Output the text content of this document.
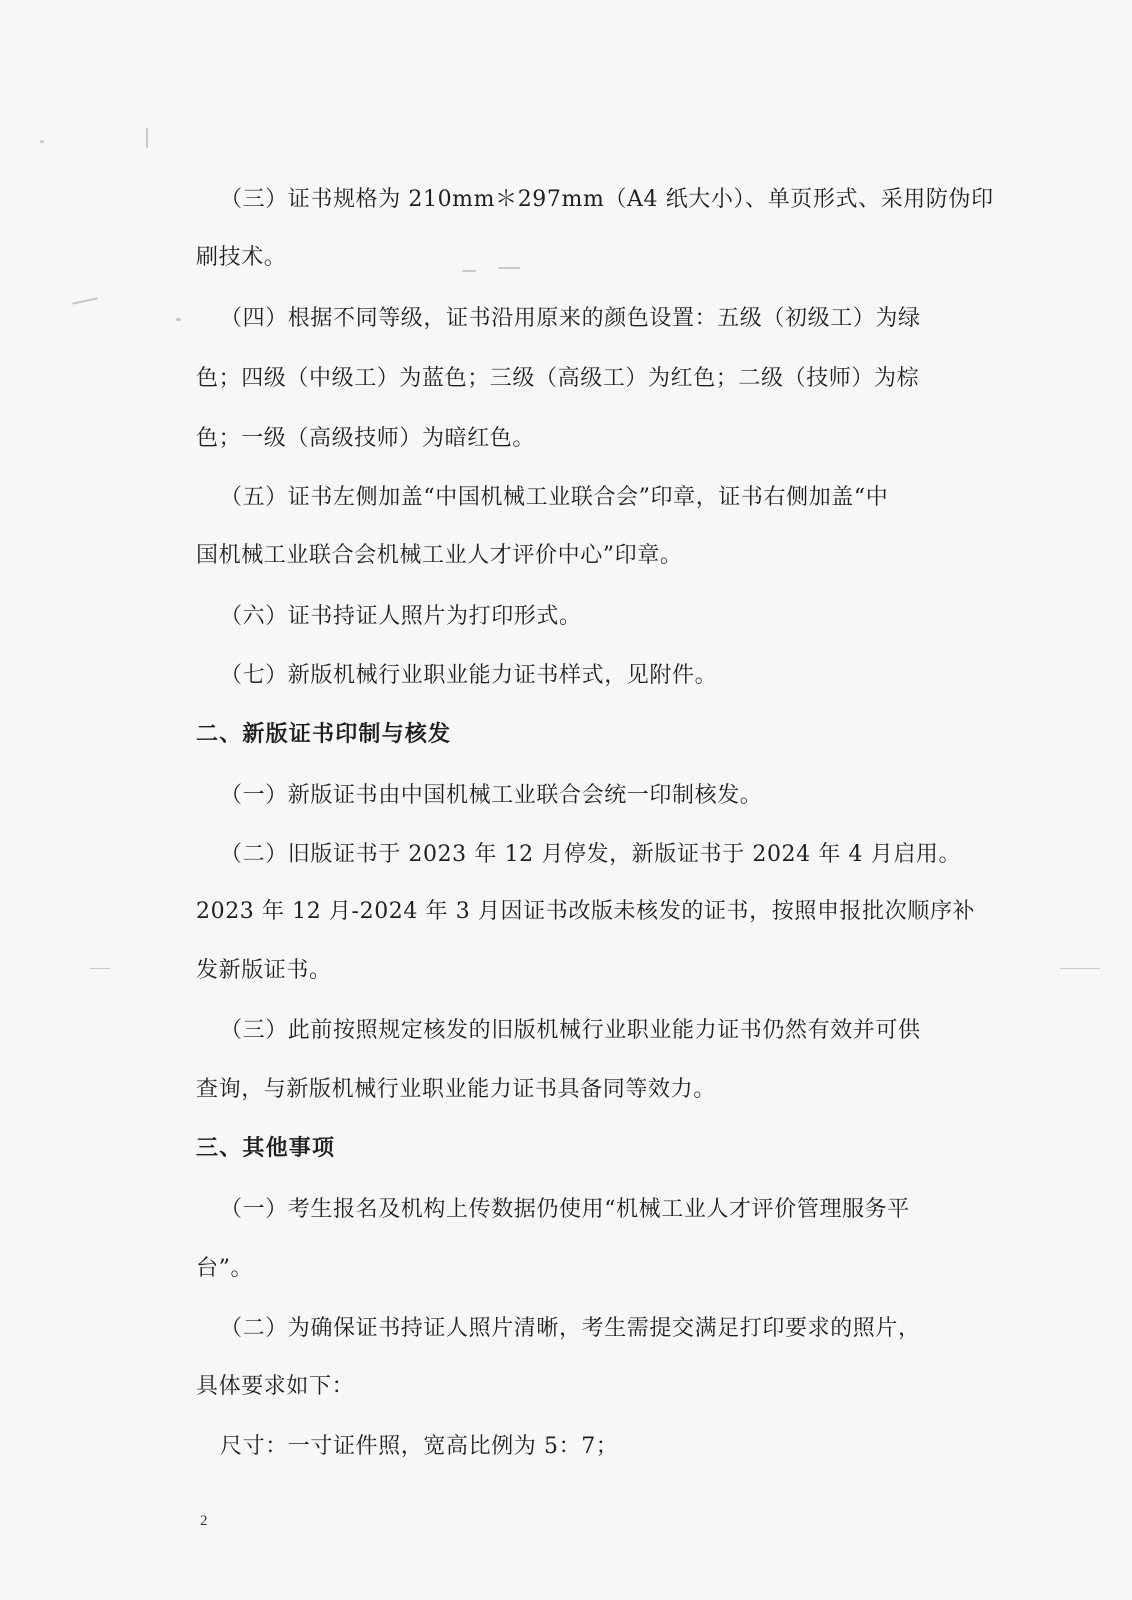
（三）证书规格为 210mm＊297mm（A4 纸大小）、单页形式、采用防伪印
刷技术。
（四）根据不同等级，证书沿用原来的颜色设置：五级（初级工）为绿
色；四级（中级工）为蓝色；三级（高级工）为红色；二级（技师）为棕
色；一级（高级技师）为暗红色。
（五）证书左侧加盖“中国机械工业联合会”印章，证书右侧加盖“中
国机械工业联合会机械工业人才评价中心”印章。
（六）证书持证人照片为打印形式。
（七）新版机械行业职业能力证书样式，见附件。
二、新版证书印制与核发
（一）新版证书由中国机械工业联合会统一印制核发。
（二）旧版证书于 2023 年 12 月停发，新版证书于 2024 年 4 月启用。
2023 年 12 月-2024 年 3 月因证书改版未核发的证书，按照申报批次顺序补
发新版证书。
（三）此前按照规定核发的旧版机械行业职业能力证书仍然有效并可供
查询，与新版机械行业职业能力证书具备同等效力。
三、其他事项
（一）考生报名及机构上传数据仍使用“机械工业人才评价管理服务平
台”。
（二）为确保证书持证人照片清晰，考生需提交满足打印要求的照片，
具体要求如下：
尺寸：一寸证件照，宽高比例为 5：7；
2
